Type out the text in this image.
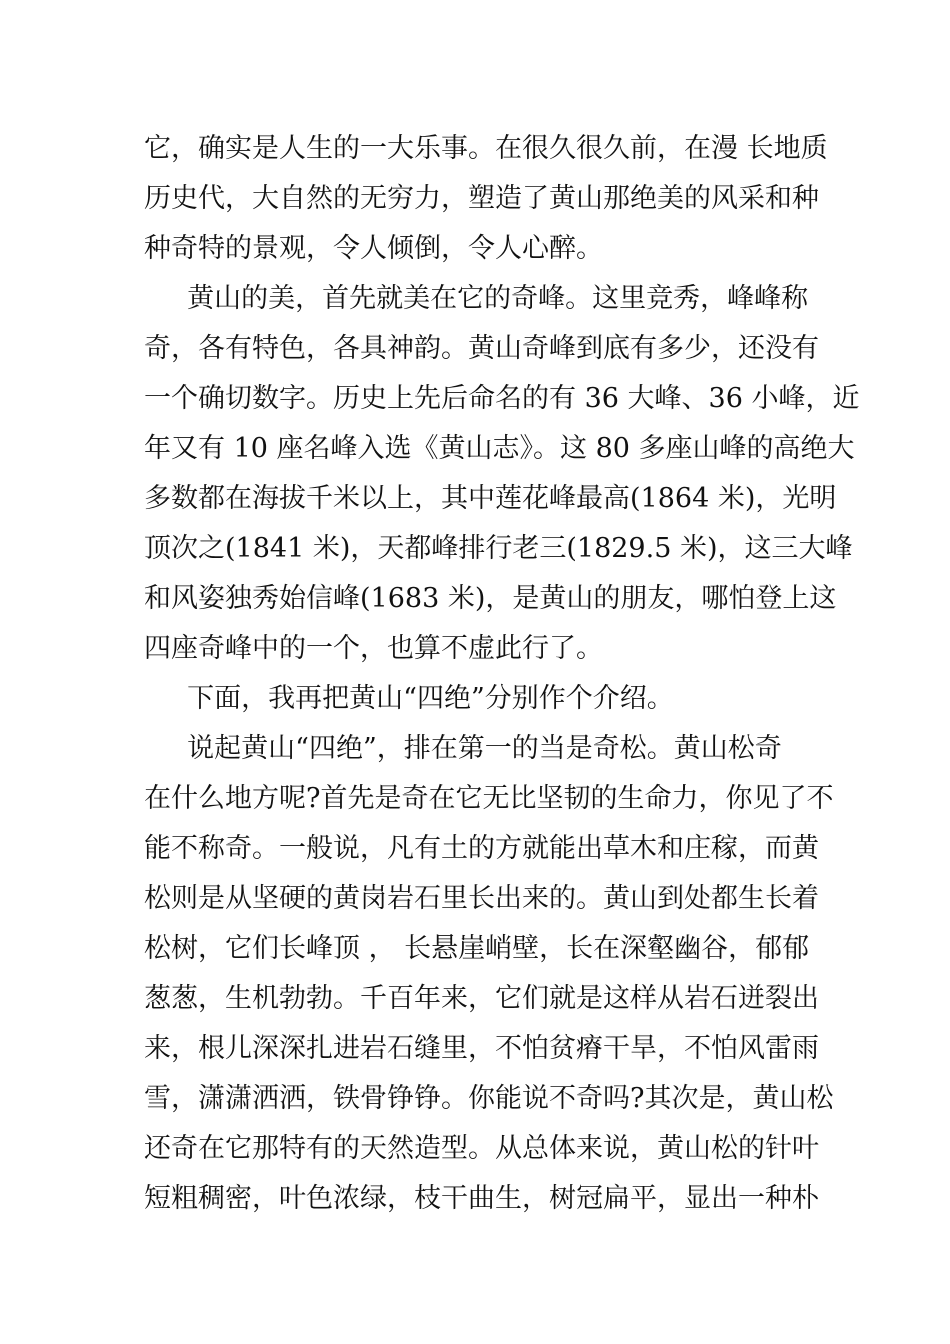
它，确实是人生的一大乐事。在很久很久前，在漫 长地质
历史代，大自然的无穷力，塑造了黄山那绝美的风采和种
种奇特的景观，令人倾倒，令人心醉。
黄山的美，首先就美在它的奇峰。这里竞秀，峰峰称
奇，各有特色，各具神韵。黄山奇峰到底有多少，还没有
一个确切数字。历史上先后命名的有 36 大峰、36 小峰，近
年又有 10 座名峰入选《黄山志》。这 80 多座山峰的高绝大
多数都在海拔千米以上，其中莲花峰最高(1864 米)，光明
顶次之(1841 米)，天都峰排行老三(1829.5 米)，这三大峰
和风姿独秀始信峰(1683 米)，是黄山的朋友，哪怕登上这
四座奇峰中的一个，也算不虚此行了。
下面，我再把黄山“四绝”分别作个介绍。
说起黄山“四绝”，排在第一的当是奇松。黄山松奇
在什么地方呢?首先是奇在它无比坚韧的生命力，你见了不
能不称奇。一般说，凡有土的方就能出草木和庄稼，而黄
松则是从坚硬的黄岗岩石里长出来的。黄山到处都生长着
松树，它们长峰顶 ， 长悬崖峭壁，长在深壑幽谷，郁郁
葱葱，生机勃勃。千百年来，它们就是这样从岩石迸裂出
来，根儿深深扎进岩石缝里，不怕贫瘠干旱，不怕风雷雨
雪，潇潇洒洒，铁骨铮铮。你能说不奇吗?其次是，黄山松
还奇在它那特有的天然造型。从总体来说，黄山松的针叶
短粗稠密，叶色浓绿，枝干曲生，树冠扁平，显出一种朴
